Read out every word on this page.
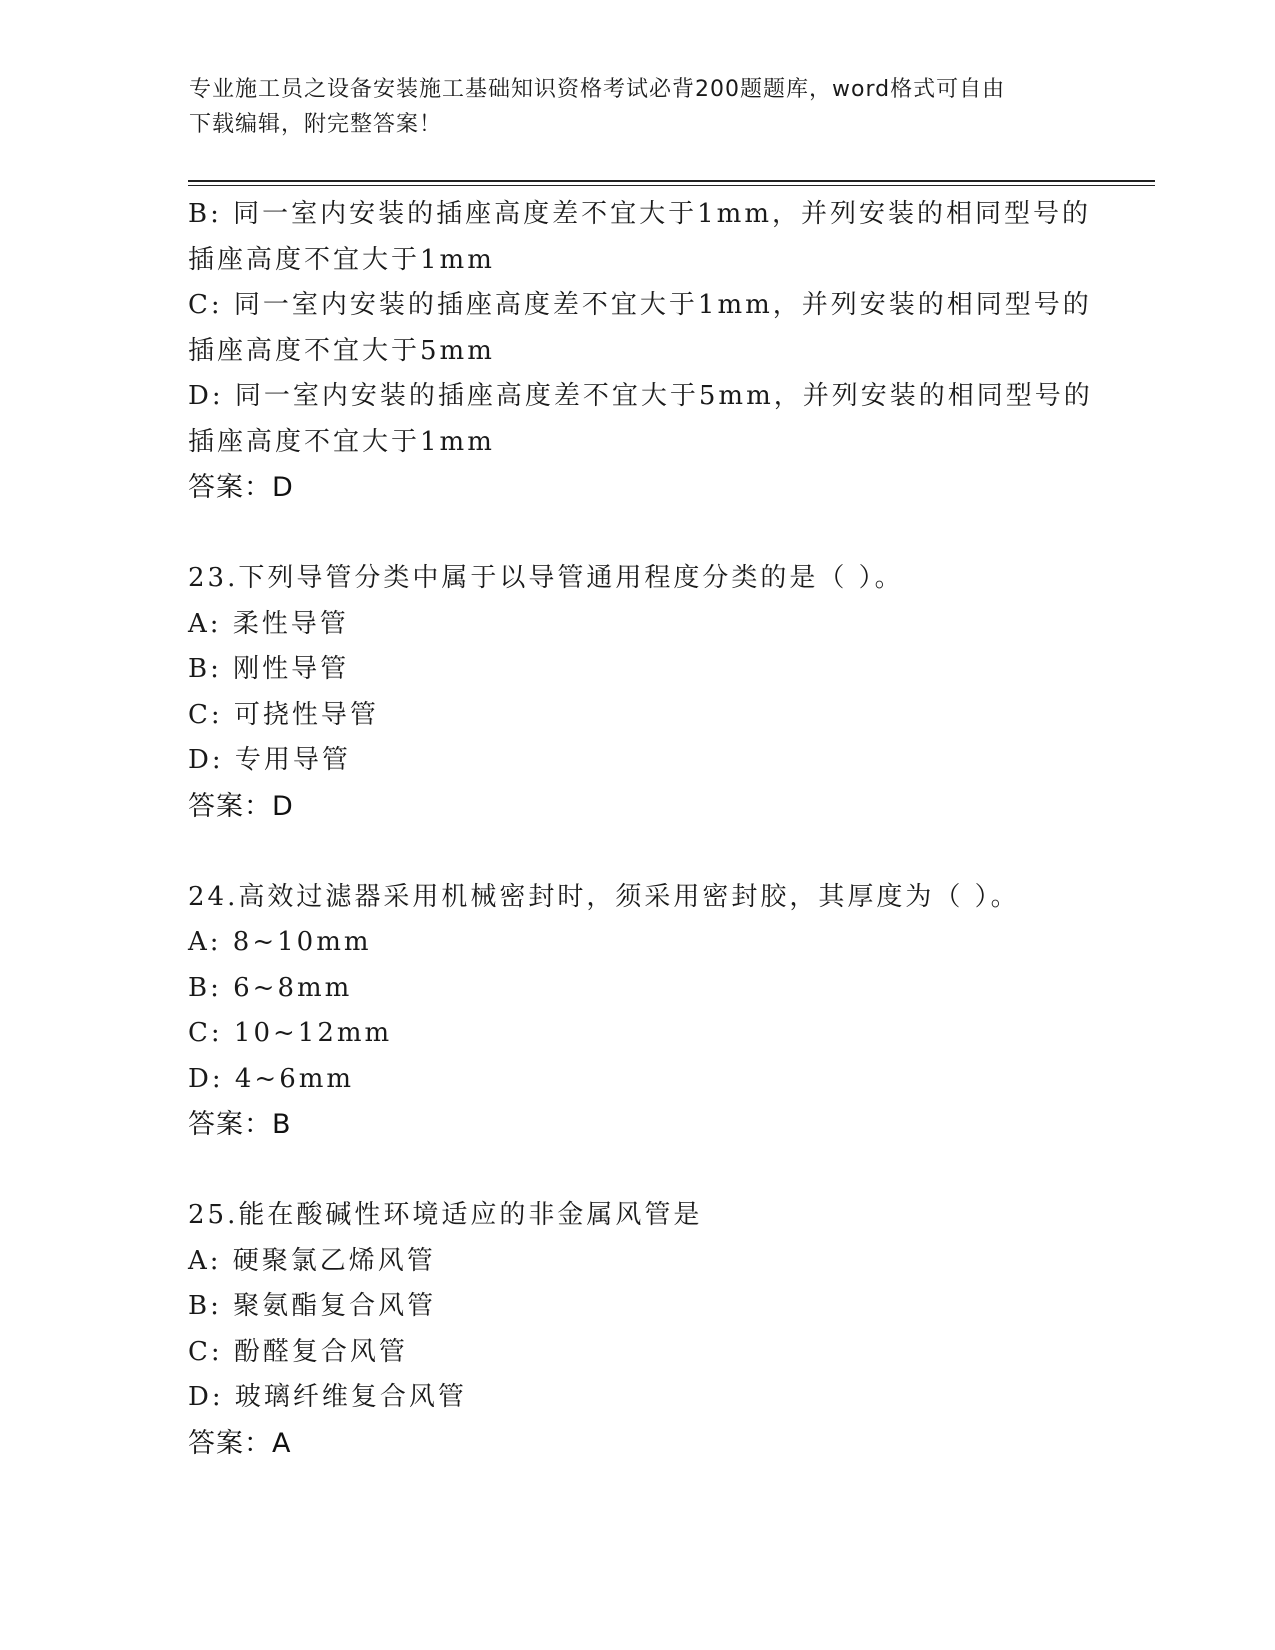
专业施工员之设备安装施工基础知识资格考试必背200题题库，word格式可自由
下载编辑，附完整答案！
B: 同一室内安装的插座高度差不宜大于1mm，并列安装的相同型号的
插座高度不宜大于1mm
C: 同一室内安装的插座高度差不宜大于1mm，并列安装的相同型号的
插座高度不宜大于5mm
D: 同一室内安装的插座高度差不宜大于5mm，并列安装的相同型号的
插座高度不宜大于1mm
答案：D
23.下列导管分类中属于以导管通用程度分类的是（ ）。
A: 柔性导管
B: 刚性导管
C: 可挠性导管
D: 专用导管
答案：D
24.高效过滤器采用机械密封时，须采用密封胶，其厚度为（ ）。
A: 8~10mm
B: 6~8mm
C: 10~12mm
D: 4~6mm
答案：B
25.能在酸碱性环境适应的非金属风管是
A: 硬聚氯乙烯风管
B: 聚氨酯复合风管
C: 酚醛复合风管
D: 玻璃纤维复合风管
答案：A
